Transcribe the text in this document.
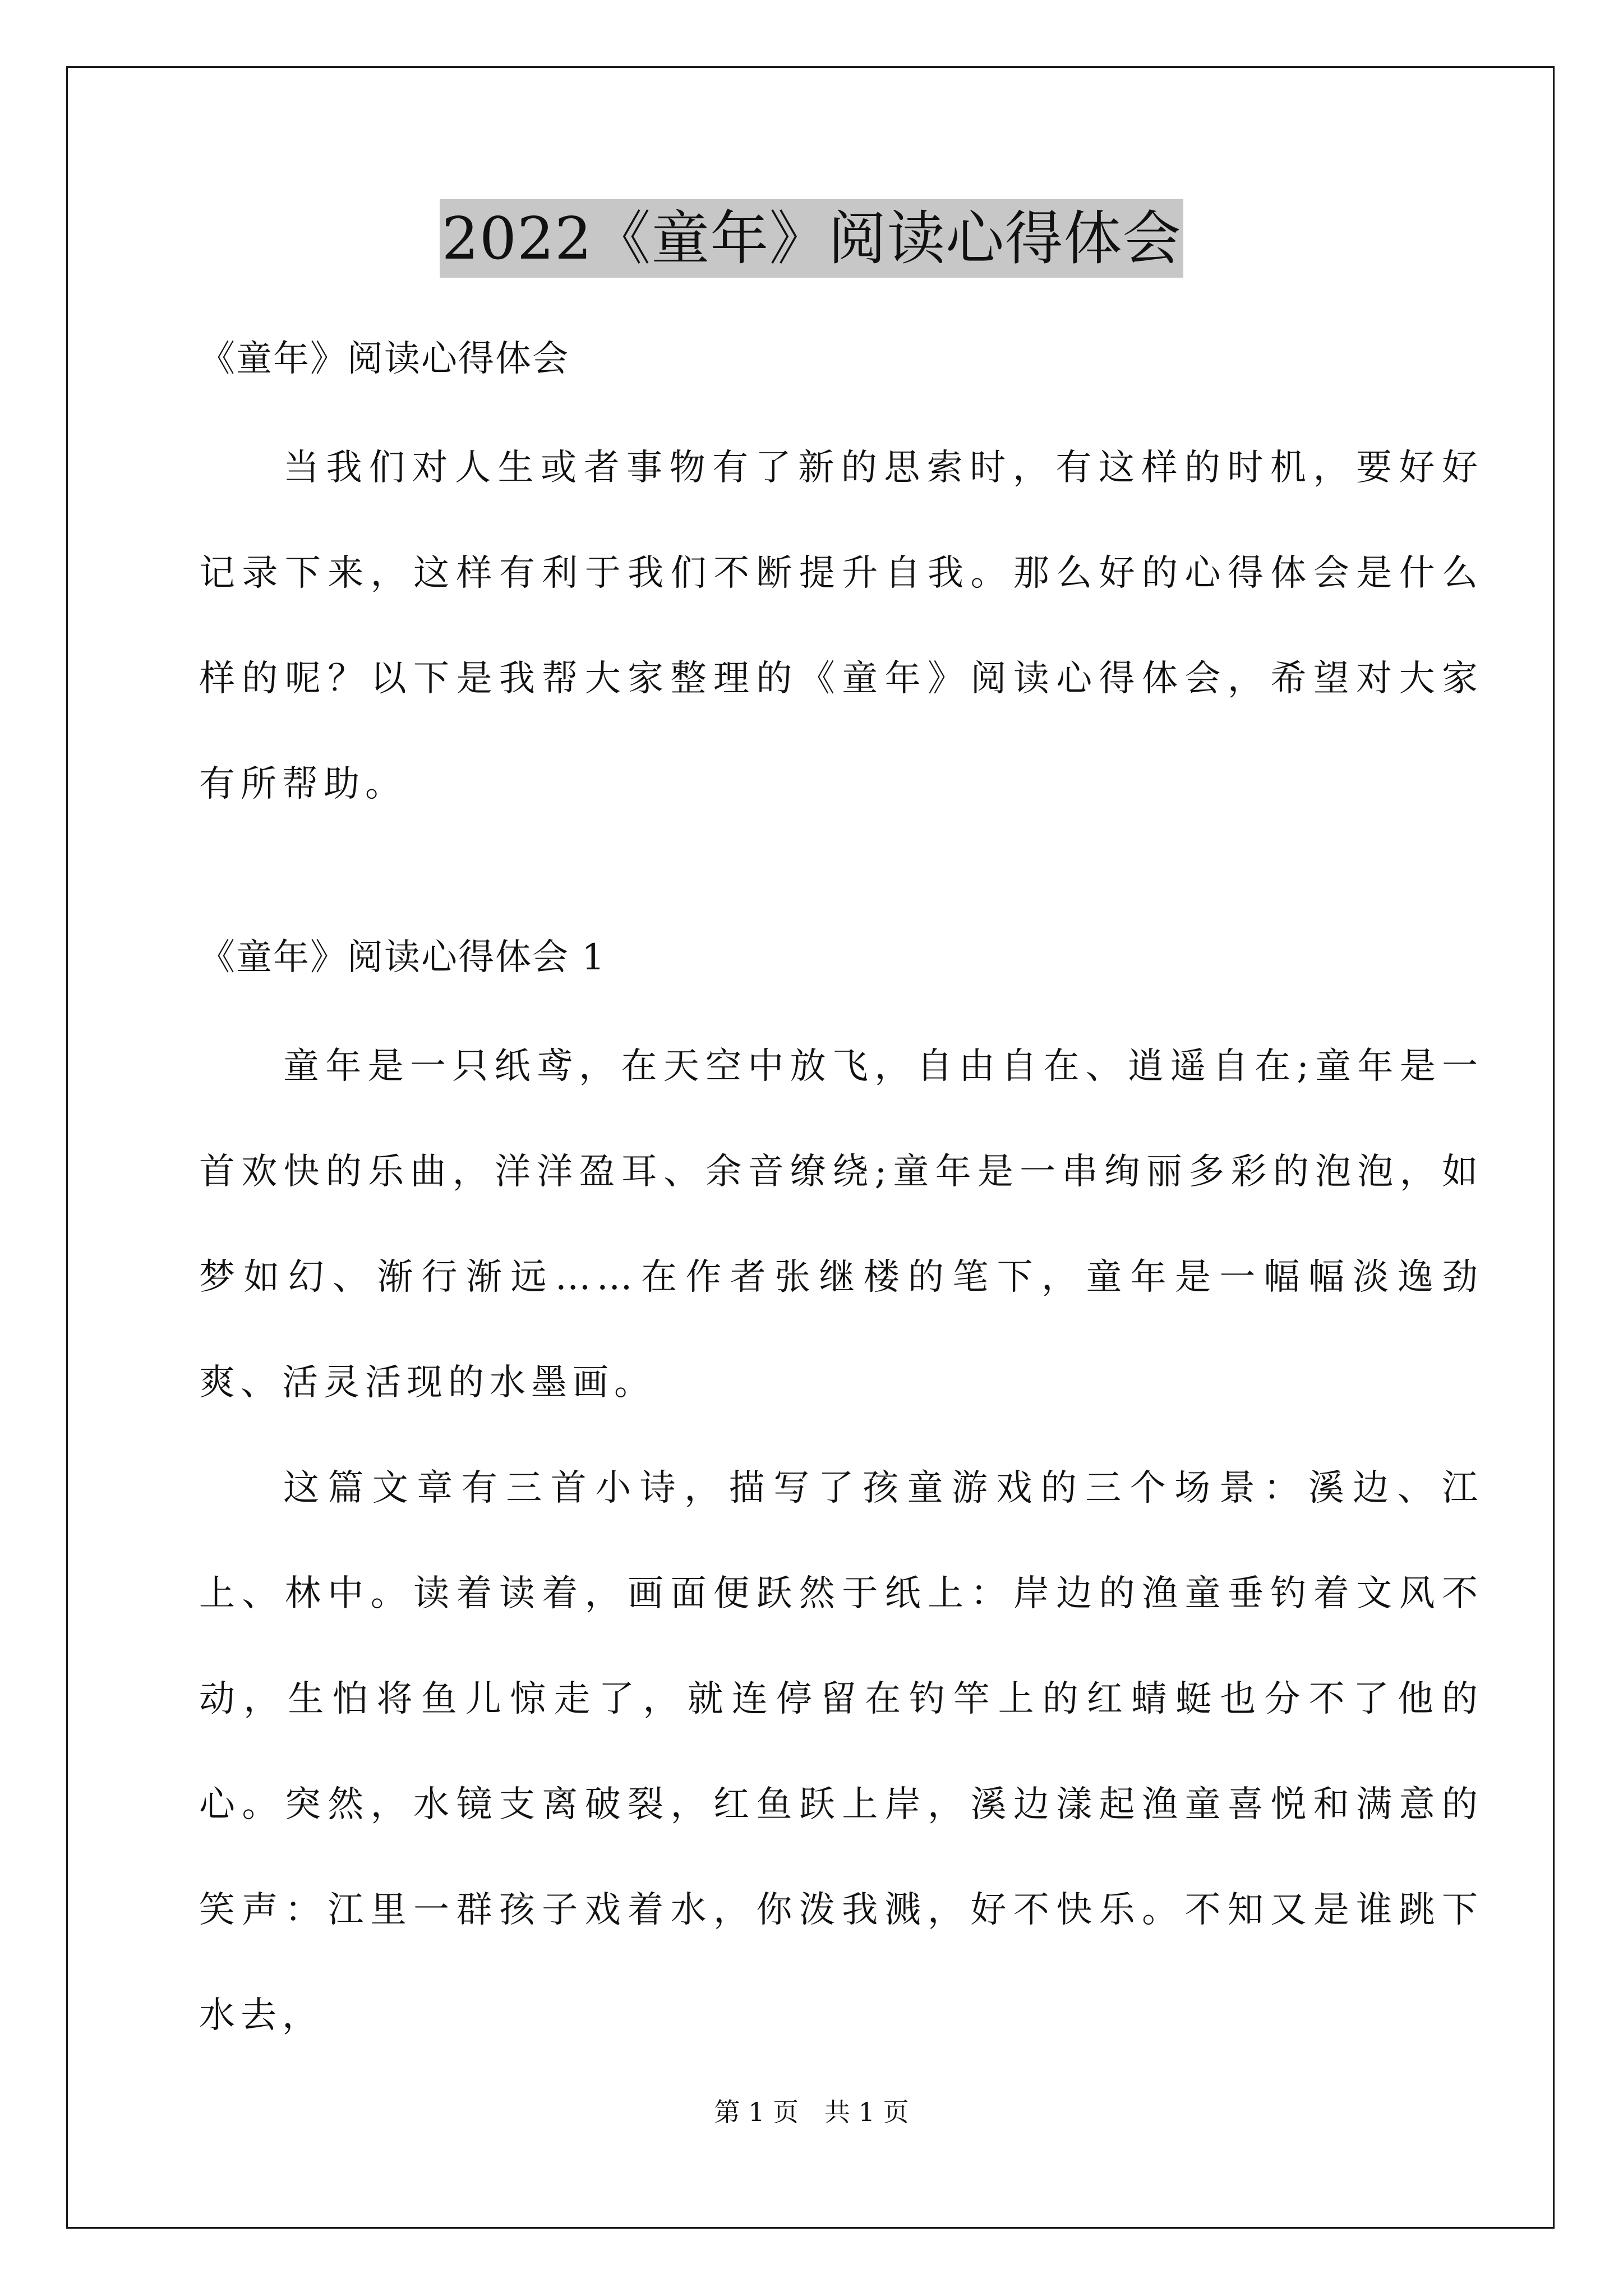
2022《童年》阅读心得体会

《童年》阅读心得体会

当我们对人生或者事物有了新的思索时，有这样的时机，要好好记录下来，这样有利于我们不断提升自我。那么好的心得体会是什么样的呢？以下是我帮大家整理的《童年》阅读心得体会，希望对大家有所帮助。

《童年》阅读心得体会 1

童年是一只纸鸢，在天空中放飞，自由自在、逍遥自在;童年是一首欢快的乐曲，洋洋盈耳、余音缭绕;童年是一串绚丽多彩的泡泡，如梦如幻、渐行渐远……在作者张继楼的笔下，童年是一幅幅淡逸劲爽、活灵活现的水墨画。

这篇文章有三首小诗，描写了孩童游戏的三个场景：溪边、江上、林中。读着读着，画面便跃然于纸上：岸边的渔童垂钓着文风不动，生怕将鱼儿惊走了，就连停留在钓竿上的红蜻蜓也分不了他的心。突然，水镜支离破裂，红鱼跃上岸，溪边漾起渔童喜悦和满意的笑声：江里一群孩子戏着水，你泼我溅，好不快乐。不知又是谁跳下水去，

第 1 页　共 1 页
